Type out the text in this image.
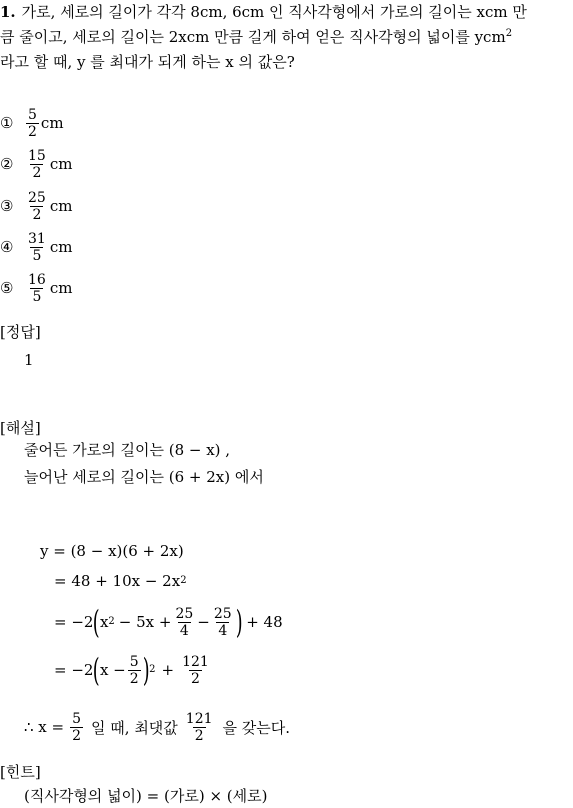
1. 가로, 세로의 길이가 각각 8cm, 6cm 인 직사각형에서 가로의 길이는 xcm 만
큼 줄이고, 세로의 길이는 2xcm 만큼 길게 하여 얻은 직사각형의 넓이를 ycm$^2$
라고 할 때, y 를 최대가 되게 하는 x 의 값은?
① $\frac{5}{2}$ cm
② $\frac{15}{2}$ cm
③ $\frac{25}{2}$ cm
④ $\frac{31}{5}$ cm
⑤ $\frac{16}{5}$ cm
[정답]
1
[해설]
줄어든 가로의 길이는 (8 − x) ,
늘어난 세로의 길이는 (6 + 2x) 에서
y = (8 − x)(6 + 2x)
= 48 + 10x − 2x 2
= −2 ( x $2 - 5x + \frac{25}{4} - \frac{25}{4}$ ) + 48
= −2 ( $x - \frac{5}{2}$ ) $2 + \frac{121}{2}$
∴ $x = \frac{5}{2}$ 일 때, 최댓값 $\frac{121}{2}$ 을 갖는다.
[힌트]
(직사각형의 넓이) = (가로) × (세로)
